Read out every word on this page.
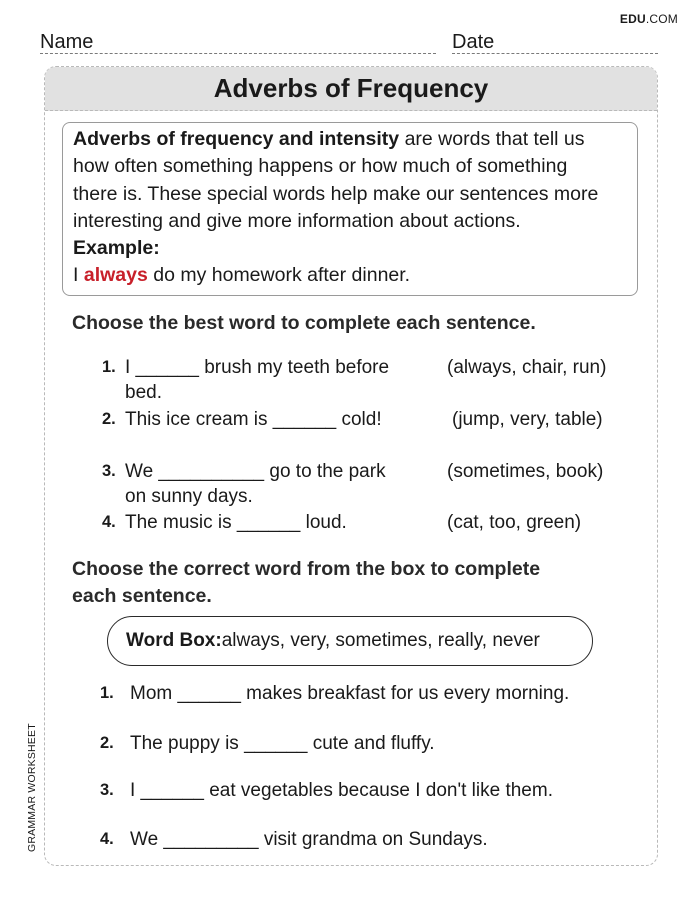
EDU.COM
Name	Date
GRAMMAR WORKSHEET
Adverbs of Frequency
Adverbs of frequency and intensity are words that tell us
how often something happens or how much of something
there is. These special words help make our sentences more
interesting and give more information about actions.
Example:
I always do my homework after dinner.
Choose the best word to complete each sentence.
1. I ______ brush my teeth before
bed.
(always, chair, run)
2. This ice cream is ______ cold!	(jump, very, table)
3. We __________ go to the park
on sunny days.
(sometimes, book)
4. The music is ______ loud.	(cat, too, green)
Choose the correct word from the box to complete
each sentence.
Word Box: always, very, sometimes, really, never
1. Mom ______ makes breakfast for us every morning.
2. The puppy is ______ cute and fluffy.
3. I ______ eat vegetables because I don't like them.
4. We _________ visit grandma on Sundays.
